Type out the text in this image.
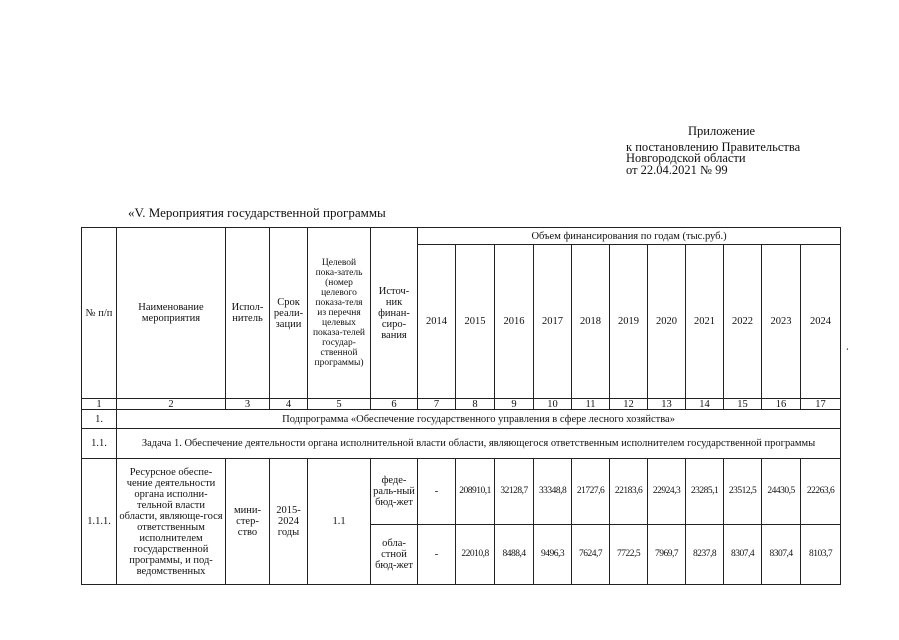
Приложение
к постановлению Правительства
Новгородской области
от 22.04.2021 № 99
«V. Мероприятия государственной программы
№ п/п	Наименование мероприятия	Испол-нитель	Срок реали-зации	Целевой пока-затель (номер целевого показа-теля из перечня целевых показа-телей государ-ственной программы)	Источ-ник финан-сиро-вания	Объем финансирования по годам (тыс.руб.)										
						2014	2015	2016	2017	2018	2019	2020	2021	2022	2023	2024
1	2	3	4	5	6	7	8	9	10	11	12	13	14	15	16	17
1.	Подпрограмма «Обеспечение государственного управления в сфере лесного хозяйства»															
1.1.	Задача 1. Обеспечение деятельности органа исполнительной власти области, являющегося ответственным исполнителем государственной программы															
1.1.1.	Ресурсное обеспе-чение деятельности органа исполни-тельной власти области, являюще-гося ответственным исполнителем государственной программы, и под-ведомственных	мини-стер-ство	2015-2024 годы	1.1	феде-раль-ный бюд-жет	-	208910,1	32128,7	33348,8	21727,6	22183,6	22924,3	23285,1	23512,5	24430,5	22263,6
					обла-стной бюд-жет	-	22010,8	8488,4	9496,3	7624,7	7722,5	7969,7	8237,8	8307,4	8307,4	8103,7
،
